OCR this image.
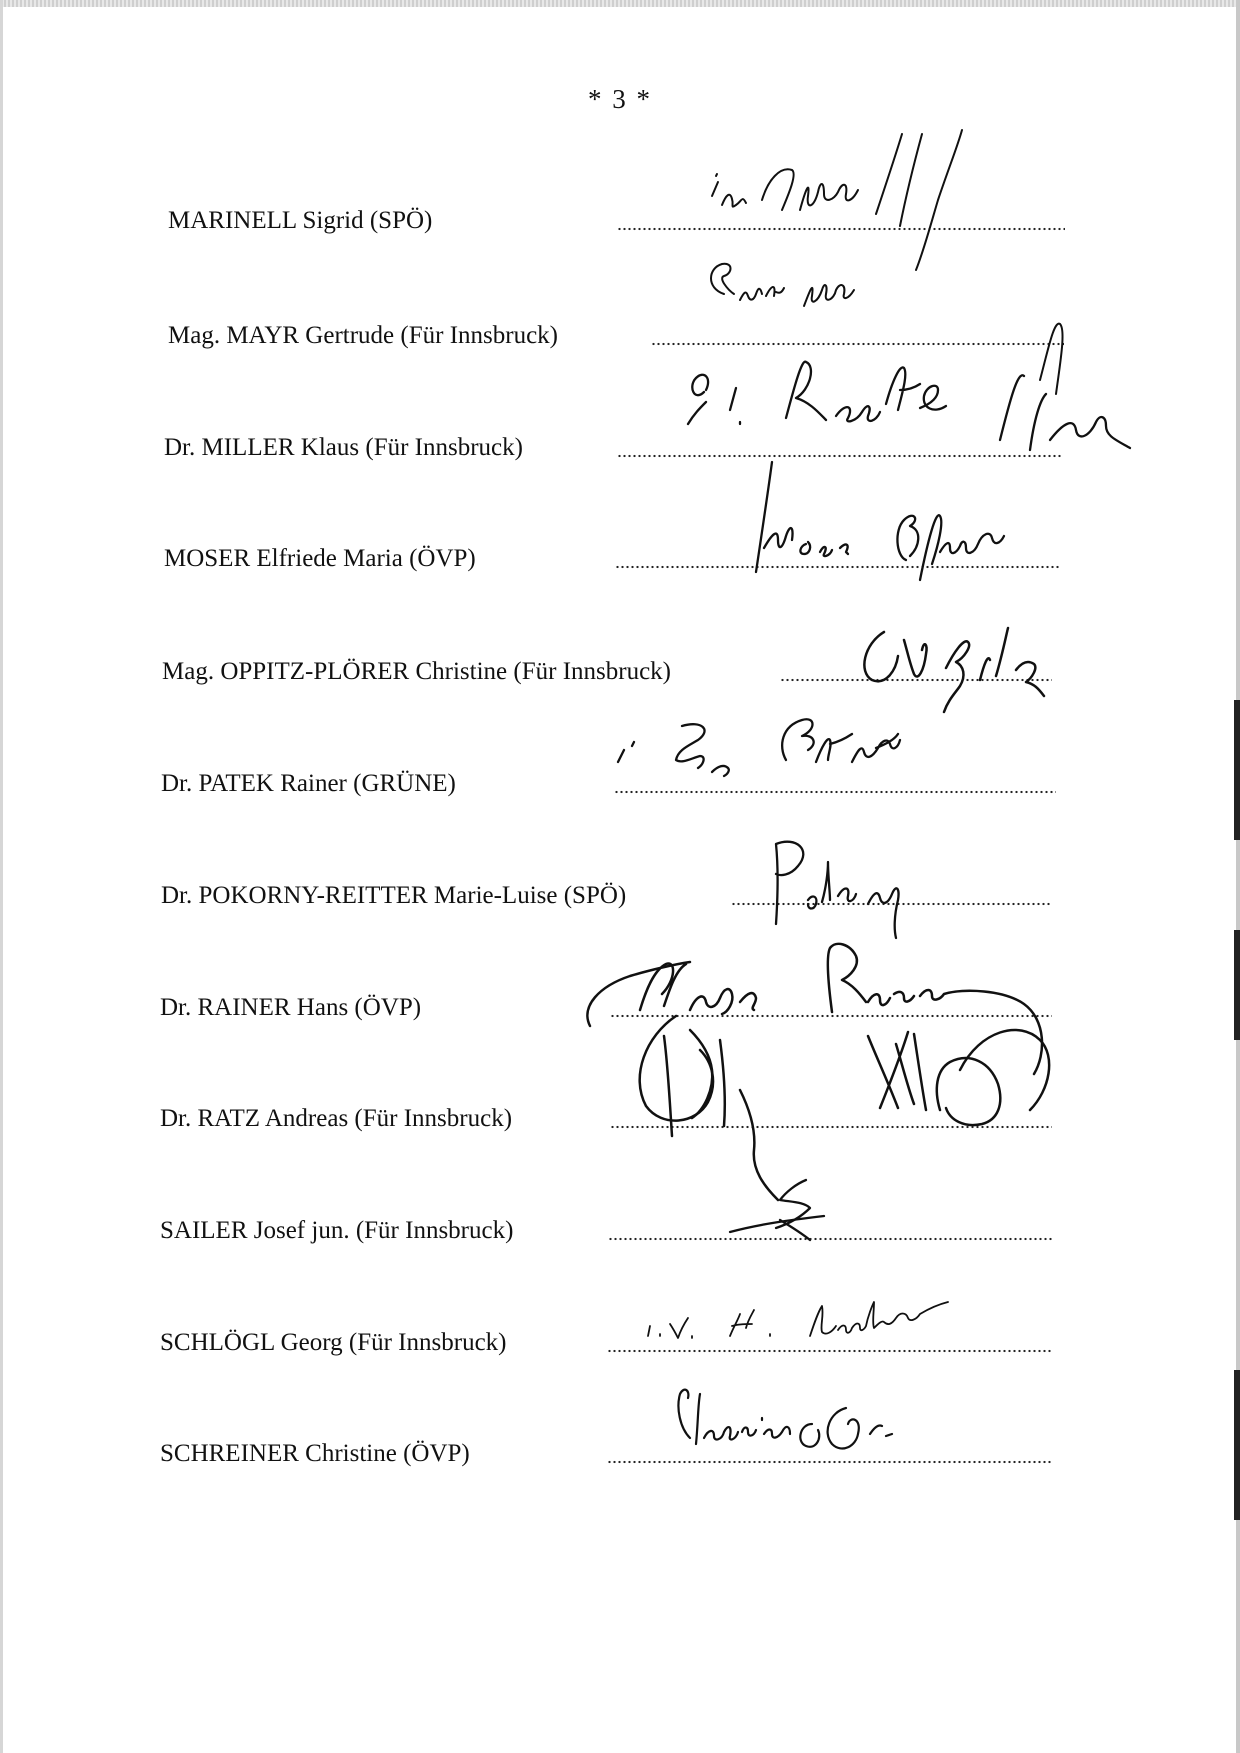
* 3 *
MARINELL Sigrid (SPÖ)
Mag. MAYR Gertrude (Für Innsbruck)
Dr. MILLER Klaus (Für Innsbruck)
MOSER Elfriede Maria (ÖVP)
Mag. OPPITZ-PLÖRER Christine (Für Innsbruck)
Dr. PATEK Rainer (GRÜNE)
Dr. POKORNY-REITTER Marie-Luise (SPÖ)
Dr. RAINER Hans (ÖVP)
Dr. RATZ Andreas (Für Innsbruck)
SAILER Josef jun. (Für Innsbruck)
SCHLÖGL Georg (Für Innsbruck)
SCHREINER Christine (ÖVP)
